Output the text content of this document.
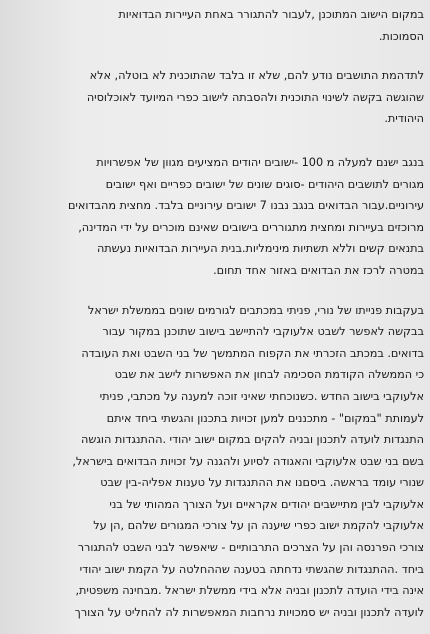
במקום הישוב המתוכנן ,לעבור להתגורר באחת העיירות הבדואיות
הסמוכות.

לתדהמת התושבים נודע להם, שלא זו בלבד שהתוכנית לא בוטלה, אלא
שהוגשה בקשה לשינוי התוכנית ולהסבתה לישוב כפרי המיועד לאוכלוסיה
היהודית.

בנגב ישנם למעלה מ 100 -ישובים יהודים המציעים מגוון של אפשרויות
מגורים לתושבים היהודים -סוגים שונים של ישובים כפריים ואף ישובים
עירוניים.עבור הבדואים בנגב נבנו 7 ישובים עירוניים בלבד. מחצית מהבדואים
מרוכזים בעיירות ומחצית מתגוררים בישובים שאינם מוכרים על ידי המדינה,
בתנאים קשים וללא תשתיות מינימליות.בנית העיירות הבדואיות נעשתה
במטרה לרכז את הבדואים באזור אחד תחום.

בעקבות פנייתו של נורי, פניתי במכתבים לגורמים שונים בממשלת ישראל
בבקשה לאפשר לשבט אלעוקבי להתיישב בישוב שתוכנן במקור עבור
בדואים. במכתב הזכרתי את הקפוח המתמשך של בני השבט ואת העובדה
כי הממשלה הקודמת הסכימה לבחון את האפשרות לישב את שבט
אלעוקבי בישוב החדש .כשנוכחתי שאיני זוכה למענה על מכתבי, פניתי
לעמותת "במקום" - מתכננים למען זכויות בתכנון והגשתי ביחד איתם
התנגדות לועדה לתכנון ובניה להקים במקום ישוב יהודי .ההתנגדות הוגשה
בשם בני שבט אלעוקבי והאגודה לסיוע ולהגנה על זכויות הבדואים בישראל,
שנורי עומד בראשה. ביסםנו את ההתנגדות על טענות אפליה-בין שבט
אלעוקבי לבין מתיישבים יהודים אקראיים ועל הצורך המהותי של בני
אלעוקבי להקמת ישוב כפרי שיענה הן על צורכי המגורים שלהם ,הן על
צורכי הפרנסה והן על הצרכים התרבותיים - שיאפשר לבני השבט להתגורר
ביחד .ההתנגדות שהגשתי נדחתה בטענה שההחלטה על הקמת ישוב יהודי
אינה בידי הועדה לתכנון ובניה אלא בידי ממשלת ישראל .מבחינה משפטית,
לועדה לתכנון ובניה יש סמכויות נרחבות המאפשרות לה להחליט על הצורך
